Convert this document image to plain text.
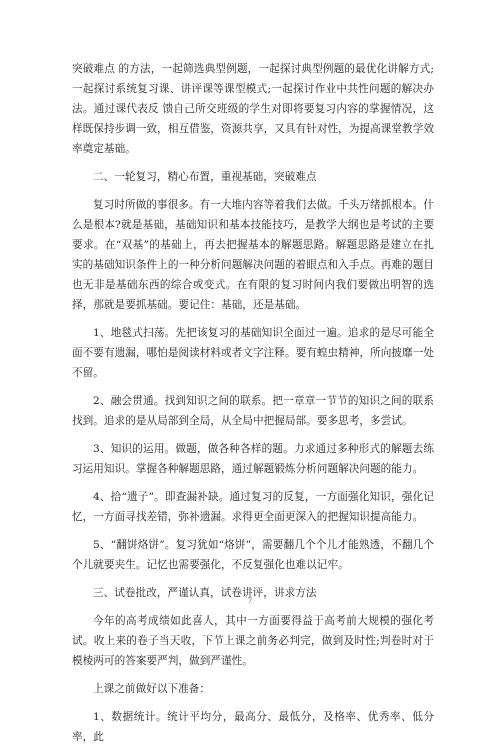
突破难点 的方法，一起筛选典型例题，一起探讨典型例题的最优化讲解方式;一起探讨系统复习课、讲评课等课型模式;一起探讨作业中共性问题的解决办法。通过课代表反 馈自己所交班级的学生对即将要复习内容的掌握情况，这样既保持步调一致，相互借鉴，资源共享，又具有针对性，为提高课堂教学效率奠定基础。

二、一轮复习，精心布置，重视基础，突破难点

复习时所做的事很多。有一大堆内容等着我们去做。千头万绪抓根本。什么是根本?就是基础，基础知识和基本技能技巧，是教学大纲也是考试的主要要求。在“双基”的基础上，再去把握基本的解题思路。解题思路是建立在扎实的基础知识条件上的一种分析问题解决问题的着眼点和入手点。再难的题目也无非是基础东西的综合或变式。在有限的复习时间内我们要做出明智的选择，那就是要抓基础。要记住：基础，还是基础。

1、地毯式扫荡。先把该复习的基础知识全面过一遍。追求的是尽可能全面不要有遗漏，哪怕是阅读材料或者文字注释。要有蝗虫精神，所向披靡一处不留。

2、融会贯通。找到知识之间的联系。把一章章一节节的知识之间的联系找到。追求的是从局部到全局，从全局中把握局部。要多思考，多尝试。

3、知识的运用。做题，做各种各样的题。力求通过多种形式的解题去练习运用知识。掌握各种解题思路，通过解题锻炼分析问题解决问题的能力。

4、拾“遗子”。即查漏补缺。通过复习的反复，一方面强化知识，强化记忆，一方面寻找差错，弥补遗漏。求得更全面更深入的把握知识提高能力。

5、“翻饼烙饼”。复习犹如“烙饼”，需要翻几个个儿才能熟透，不翻几个个儿就要夹生。记忆也需要强化，不反复强化也难以记牢。

三、试卷批改，严谨认真，试卷讲评，讲求方法

今年的高考成绩如此喜人，其中一方面要得益于高考前大规模的强化考试。收上来的卷子当天收，下节上课之前务必判完，做到及时性;判卷时对于模棱两可的答案要严判，做到严谨性。

上课之前做好以下准备：

1、数据统计。统计平均分，最高分、最低分，及格率、优秀率、低分率，此

7
